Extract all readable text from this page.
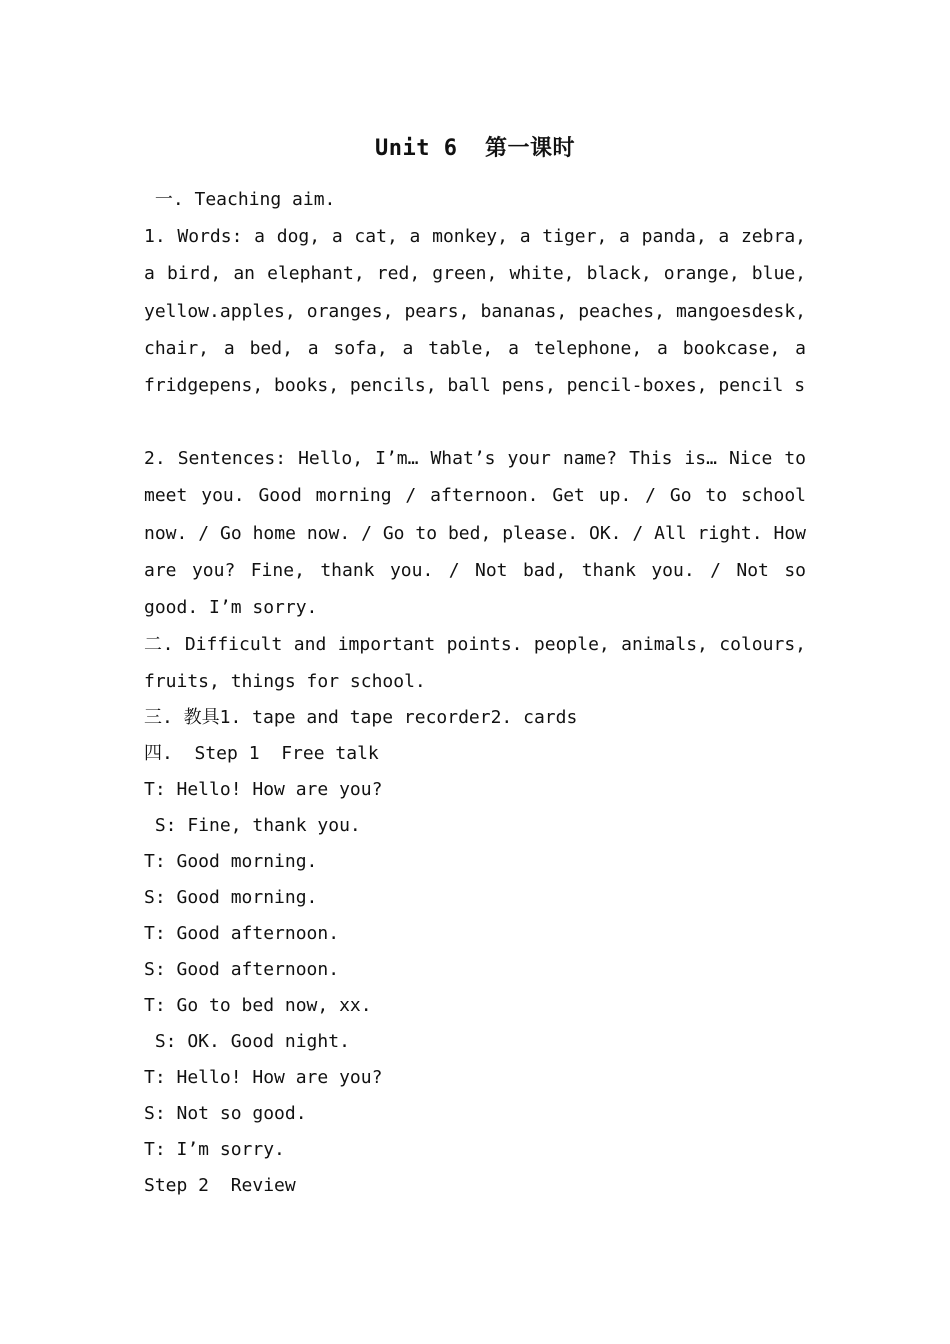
Unit 6  第一课时
一. Teaching aim.
1. Words: a dog, a cat, a monkey, a tiger, a panda, a zebra, a bird, an elephant, red, green, white, black, orange, blue, yellow.apples, oranges, pears, bananas, peaches, mangoesdesk, chair, a bed, a sofa, a table, a telephone, a bookcase, a fridgepens, books, pencils, ball pens, pencil-boxes, pencil s
2. Sentences: Hello, I’m… What’s your name? This is… Nice to meet you. Good morning / afternoon. Get up. / Go to school now. / Go home now. / Go to bed, please. OK. / All right. How are you? Fine, thank you. / Not bad, thank you. / Not so good. I’m sorry.
二. Difficult and important points. people, animals, colours, fruits, things for school.
三. 教具1. tape and tape recorder2. cards
四.  Step 1  Free talk
T: Hello! How are you?
S: Fine, thank you.
T: Good morning.
S: Good morning.
T: Good afternoon.
S: Good afternoon.
T: Go to bed now, xx.
S: OK. Good night.
T: Hello! How are you?
S: Not so good.
T: I’m sorry.
Step 2  Review
